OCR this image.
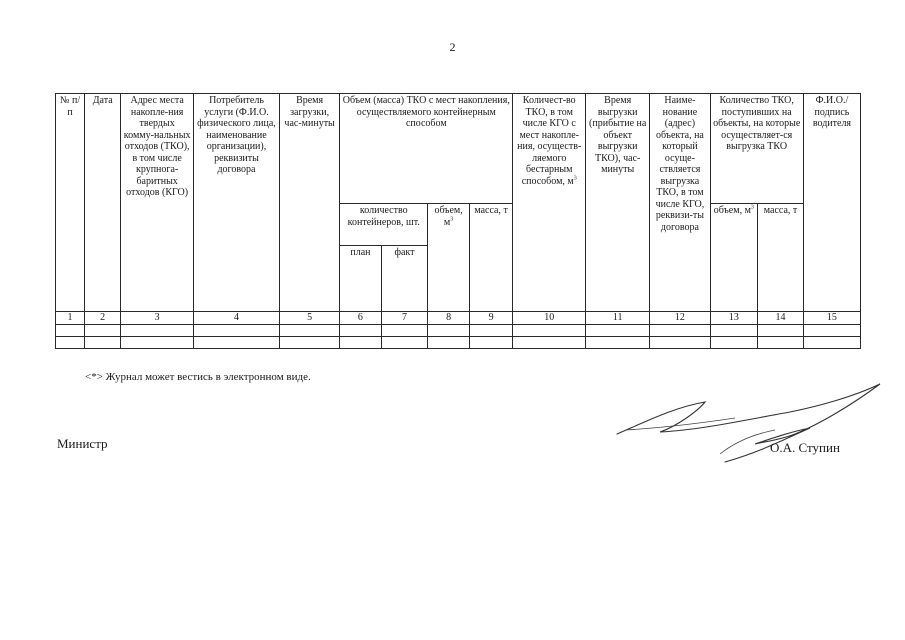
2
№ п/п	Дата	Адрес места накопле-ния твердых комму-нальных отходов (ТКО), в том числе крупнога-баритных отходов (КГО)	Потребитель услуги (Ф.И.О. физического лица, наименование организации), реквизиты договора	Время загрузки, час-минуты	Объем (масса) ТКО с мест накопления, осуществляемого контейнерным способом				Количест-во ТКО, в том числе КГО с мест накопле-ния, осуществ-ляемого бестарным способом, $м^3$	Время выгрузки (прибытие на объект выгрузки ТКО), час-минуты	Наиме-нование (адрес) объекта, на который осуще-ствляется выгрузка ТКО, в том числе КГО, реквизи-ты договора	Количество ТКО, поступивших на объекты, на которые осуществляет-ся выгрузка ТКО		Ф.И.О./ подпись водителя
					количество контейнеров, шт.		объем, $м^3$	масса, т				объем, $м^3$	масса, т	
					план	факт								
1	2	3	4	5	6	7	8	9	10	11	12	13	14	15

<*> Журнал может вестись в электронном виде.
Министр	О.А. Ступин
